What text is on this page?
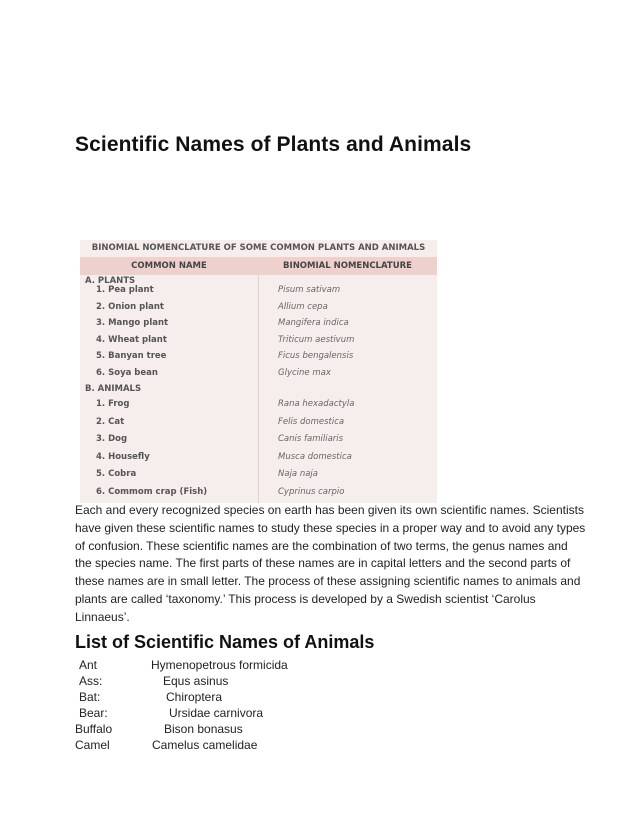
Scientific Names of Plants and Animals
BINOMIAL NOMENCLATURE OF SOME COMMON PLANTS AND ANIMALS
COMMON NAME	BINOMIAL NOMENCLATURE
A. PLANTS
1. Pea plant	Pisum sativam
2. Onion plant	Allium cepa
3. Mango plant	Mangifera indica
4. Wheat plant	Triticum aestivum
5. Banyan tree	Ficus bengalensis
6. Soya bean	Glycine max
B. ANIMALS
1. Frog	Rana hexadactyla
2. Cat	Felis domestica
3. Dog	Canis familiaris
4. Housefly	Musca domestica
5. Cobra	Naja naja
6. Commom crap (Fish)	Cyprinus carpio
Each and every recognized species on earth has been given its own scientific names. Scientists
have given these scientific names to study these species in a proper way and to avoid any types
of confusion. These scientific names are the combination of two terms, the genus names and
the species name. The first parts of these names are in capital letters and the second parts of
these names are in small letter. The process of these assigning scientific names to animals and
plants are called ‘taxonomy.’ This process is developed by a Swedish scientist ‘Carolus
Linnaeus’.
List of Scientific Names of Animals
Ant	Hymenopetrous formicida
Ass:	Equs asinus
Bat:	Chiroptera
Bear:	Ursidae carnivora
Buffalo	Bison bonasus
Camel	Camelus camelidae
